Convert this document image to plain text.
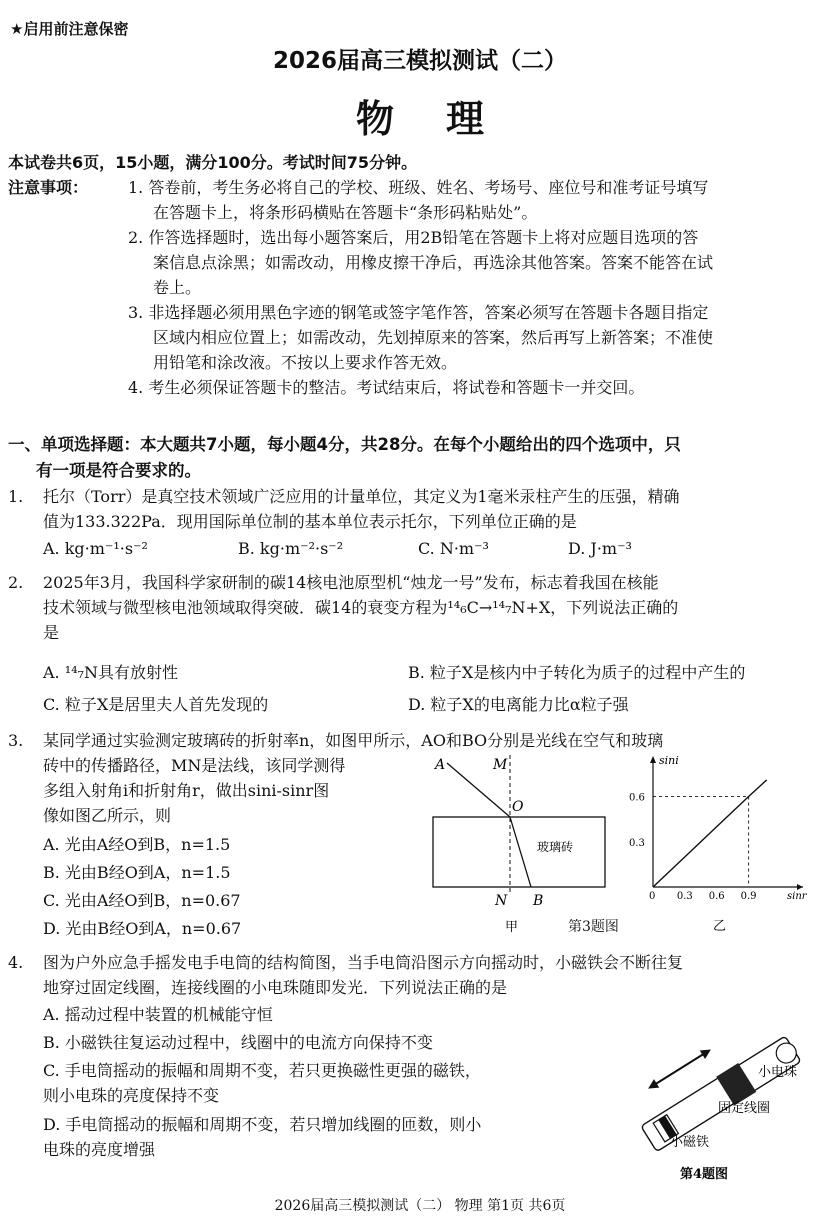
★启用前注意保密
2026届高三模拟测试（二）
物理
本试卷共6页，15小题，满分100分。考试时间75分钟。
注意事项： 1. 答卷前，考生务必将自己的学校、班级、姓名、考场号、座位号和准考证号填写
在答题卡上，将条形码横贴在答题卡“条形码粘贴处”。
2. 作答选择题时，选出每小题答案后，用2B铅笔在答题卡上将对应题目选项的答
案信息点涂黑；如需改动，用橡皮擦干净后，再选涂其他答案。答案不能答在试
卷上。
3. 非选择题必须用黑色字迹的钢笔或签字笔作答，答案必须写在答题卡各题目指定
区域内相应位置上；如需改动，先划掉原来的答案，然后再写上新答案；不准使
用铅笔和涂改液。不按以上要求作答无效。
4. 考生必须保证答题卡的整洁。考试结束后，将试卷和答题卡一并交回。
一、单项选择题：本大题共7小题，每小题4分，共28分。在每个小题给出的四个选项中，只
有一项是符合要求的。
1. 托尔（Torr）是真空技术领域广泛应用的计量单位，其定义为1毫米汞柱产生的压强，精确
值为133.322Pa．现用国际单位制的基本单位表示托尔，下列单位正确的是
A. kg·m⁻¹·s⁻²	B. kg·m⁻²·s⁻²	C. N·m⁻³	D. J·m⁻³
2. 2025年3月，我国科学家研制的碳14核电池原型机“烛龙一号”发布，标志着我国在核能
技术领域与微型核电池领域取得突破．碳14的衰变方程为¹⁴₆C→¹⁴₇N+X，下列说法正确的
是
A. ¹⁴₇N具有放射性	B. 粒子X是核内中子转化为质子的过程中产生的
C. 粒子X是居里夫人首先发现的	D. 粒子X的电离能力比α粒子强
3. 某同学通过实验测定玻璃砖的折射率n，如图甲所示，AO和BO分别是光线在空气和玻璃
砖中的传播路径，MN是法线，该同学测得
多组入射角i和折射角r，做出sini-sinr图
像如图乙所示，则
A. 光由A经O到B，n=1.5
B. 光由B经O到A，n=1.5
C. 光由A经O到B，n=0.67
D. 光由B经O到A，n=0.67
A	M
O
N B
玻璃砖
甲	第3题图
sini
sinr
0 0.3 0.6 0.9
0.3
0.6
乙
4. 图为户外应急手摇发电手电筒的结构简图，当手电筒沿图示方向摇动时，小磁铁会不断往复
地穿过固定线圈，连接线圈的小电珠随即发光．下列说法正确的是
A. 摇动过程中装置的机械能守恒
B. 小磁铁往复运动过程中，线圈中的电流方向保持不变
C. 手电筒摇动的振幅和周期不变，若只更换磁性更强的磁铁，
则小电珠的亮度保持不变
D. 手电筒摇动的振幅和周期不变，若只增加线圈的匝数，则小
电珠的亮度增强
小电珠
固定线圈
小磁铁
第4题图
2026届高三模拟测试（二） 物理 第1页 共6页
